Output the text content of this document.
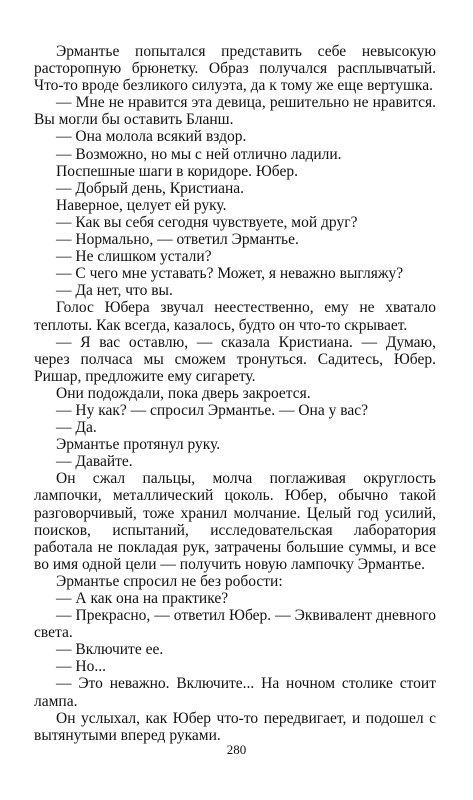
Эрмантье попытался представить себе невысокую расторопную брюнетку. Образ получался расплывчатый. Что-то вроде безликого силуэта, да к тому же еще вертушка.

— Мне не нравится эта девица, решительно не нравится. Вы могли бы оставить Бланш.

— Она молола всякий вздор.

— Возможно, но мы с ней отлично ладили.

Поспешные шаги в коридоре. Юбер.

— Добрый день, Кристиана.

Наверное, целует ей руку.

— Как вы себя сегодня чувствуете, мой друг?

— Нормально, — ответил Эрмантье.

— Не слишком устали?

— С чего мне уставать? Может, я неважно выгляжу?

— Да нет, что вы.

Голос Юбера звучал неестественно, ему не хватало теплоты. Как всегда, казалось, будто он что-то скрывает.

— Я вас оставлю, — сказала Кристиана. — Думаю, через полчаса мы сможем тронуться. Садитесь, Юбер. Ришар, предложите ему сигарету.

Они подождали, пока дверь закроется.

— Ну как? — спросил Эрмантье. — Она у вас?

— Да.

Эрмантье протянул руку.

— Давайте.

Он сжал пальцы, молча поглаживая округлость лампочки, металлический цоколь. Юбер, обычно такой разговорчивый, тоже хранил молчание. Целый год усилий, поисков, испытаний, исследовательская лаборатория работала не покладая рук, затрачены большие суммы, и все во имя одной цели — получить новую лампочку Эрмантье.

Эрмантье спросил не без робости:

— А как она на практике?

— Прекрасно, — ответил Юбер. — Эквивалент дневного света.

— Включите ее.

— Но...

— Это неважно. Включите... На ночном столике стоит лампа.

Он услыхал, как Юбер что-то передвигает, и подошел с вытянутыми вперед руками.

280
